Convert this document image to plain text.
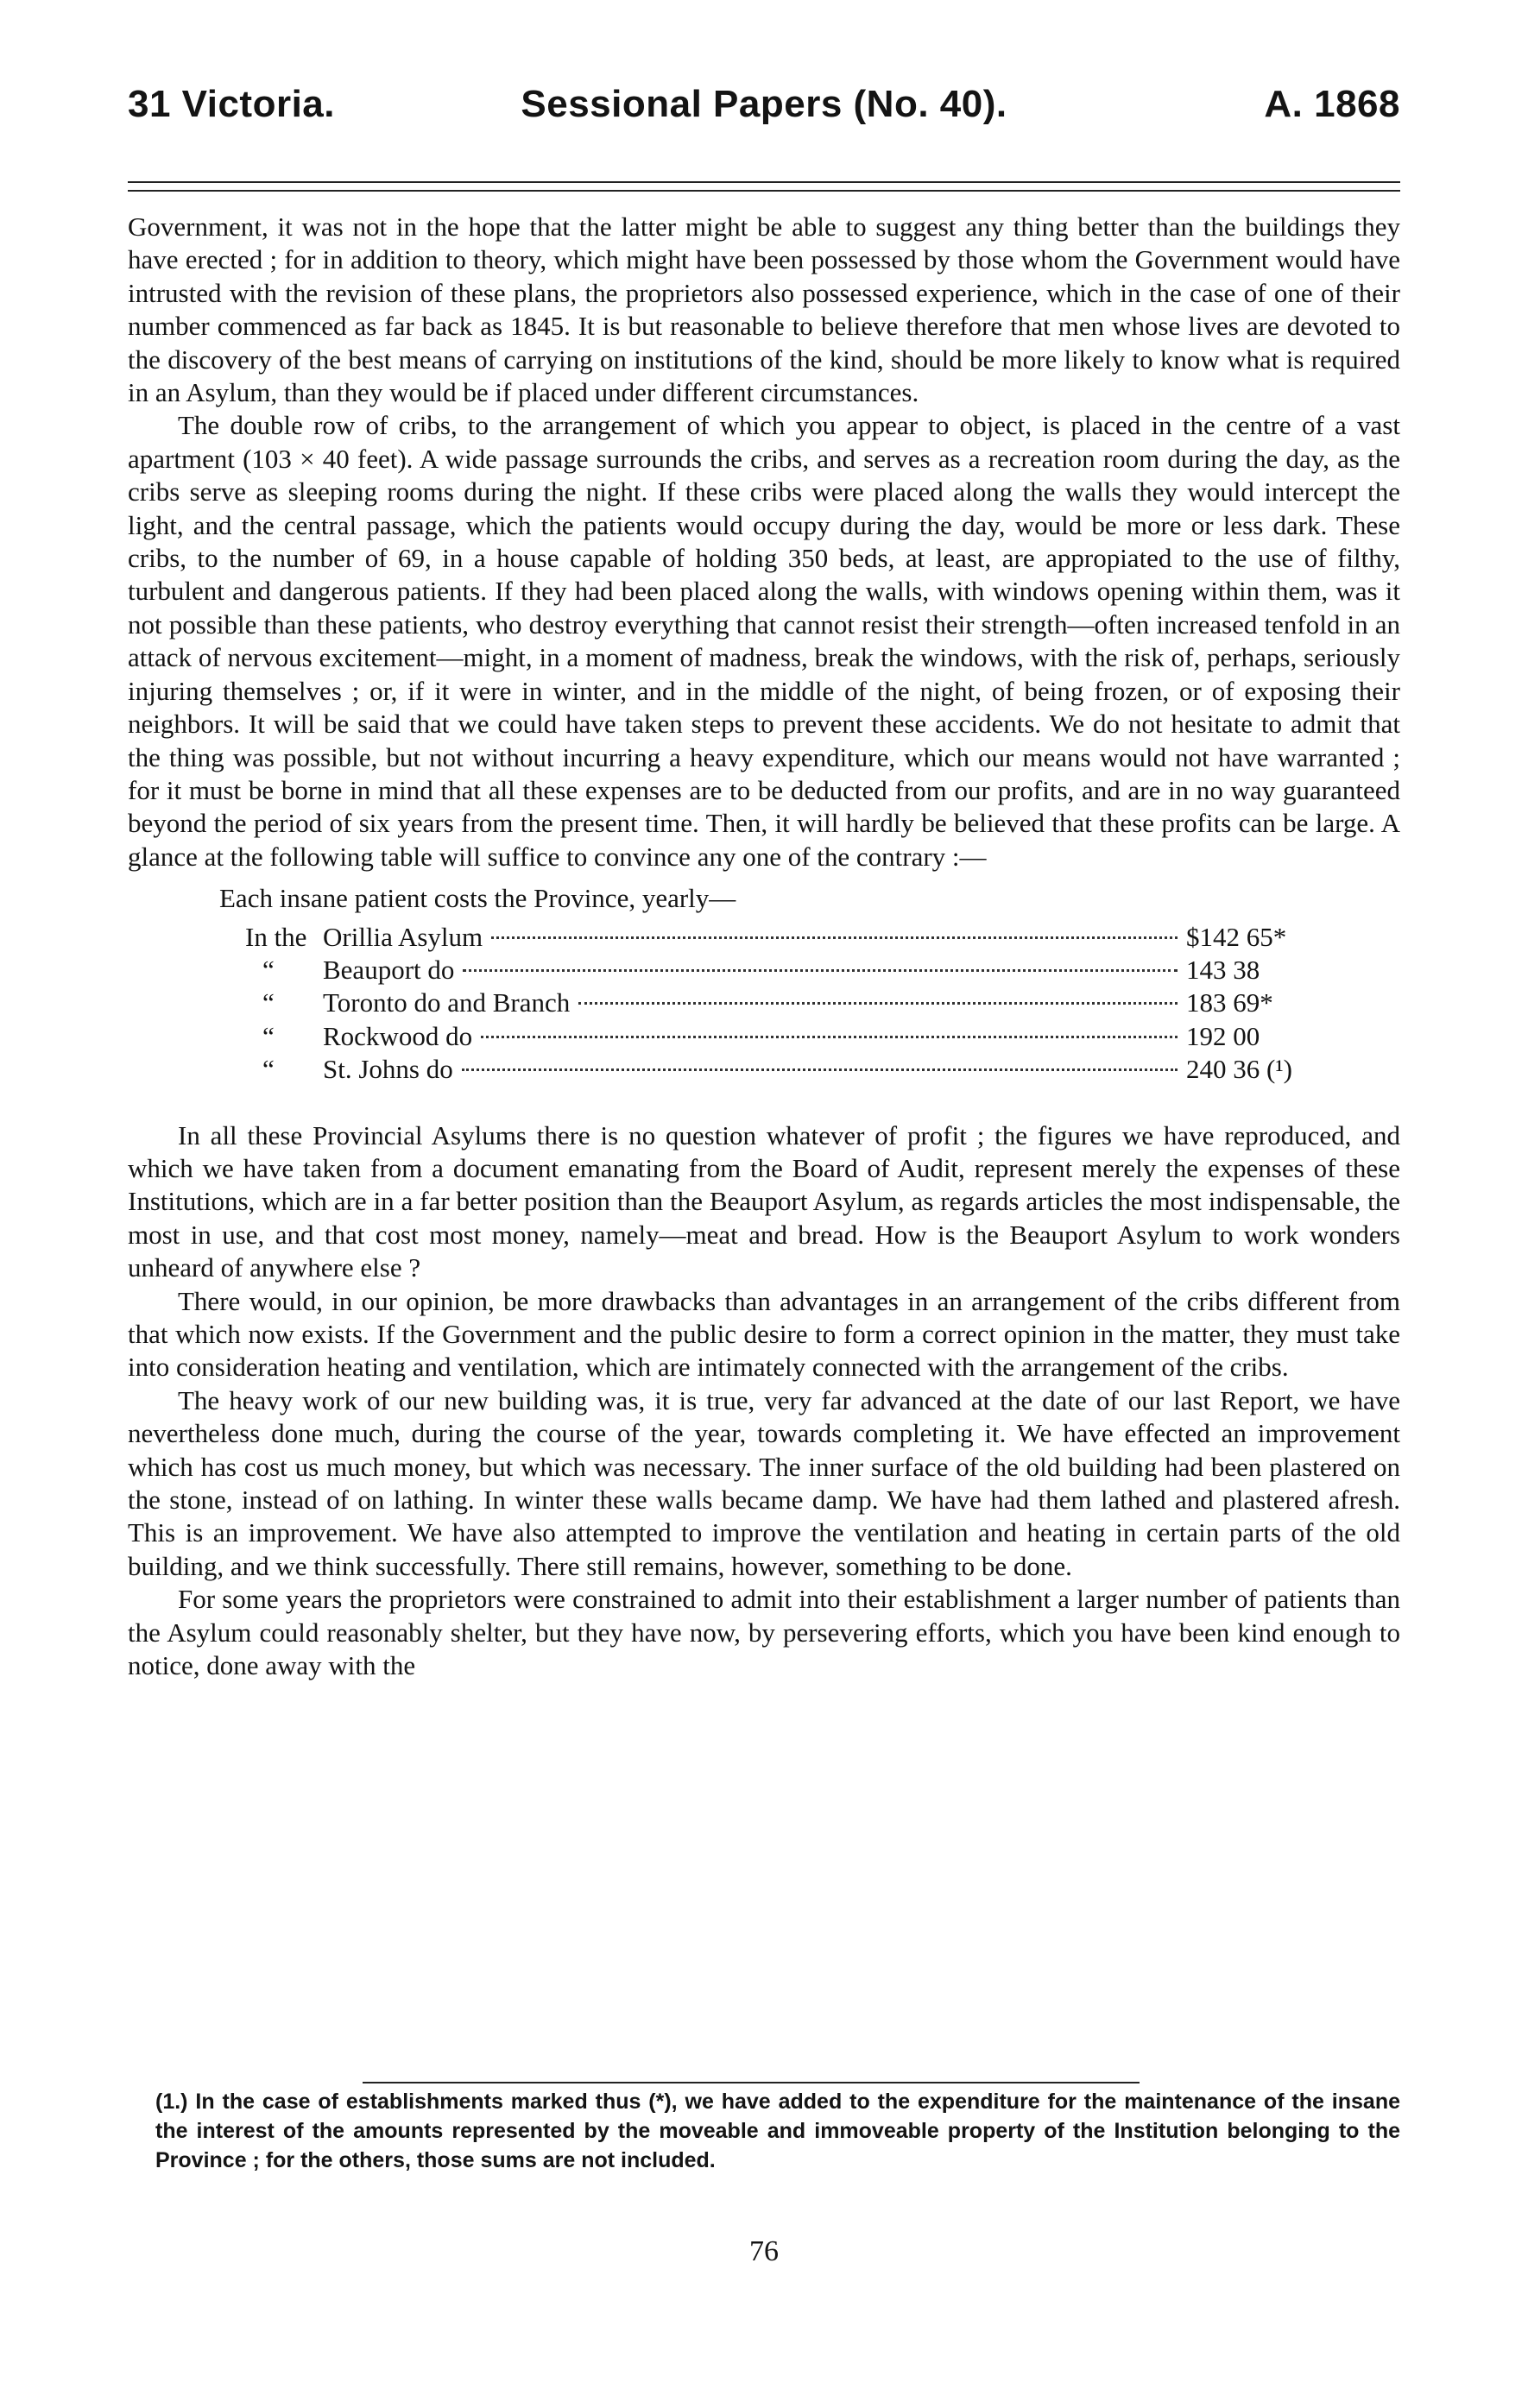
31 Victoria.	Sessional Papers (No. 40).	A. 1868

Government, it was not in the hope that the latter might be able to suggest any thing better than the buildings they have erected ; for in addition to theory, which might have been possessed by those whom the Government would have intrusted with the revision of these plans, the proprietors also possessed experience, which in the case of one of their number commenced as far back as 1845. It is but reasonable to believe therefore that men whose lives are devoted to the discovery of the best means of carrying on institutions of the kind, should be more likely to know what is required in an Asylum, than they would be if placed under different circumstances.

The double row of cribs, to the arrangement of which you appear to object, is placed in the centre of a vast apartment (103 × 40 feet). A wide passage surrounds the cribs, and serves as a recreation room during the day, as the cribs serve as sleeping rooms during the night. If these cribs were placed along the walls they would intercept the light, and the central passage, which the patients would occupy during the day, would be more or less dark. These cribs, to the number of 69, in a house capable of holding 350 beds, at least, are appropiated to the use of filthy, turbulent and dangerous patients. If they had been placed along the walls, with windows opening within them, was it not possible than these patients, who destroy everything that cannot resist their strength—often increased tenfold in an attack of nervous excitement—might, in a moment of madness, break the windows, with the risk of, perhaps, seriously injuring themselves ; or, if it were in winter, and in the middle of the night, of being frozen, or of exposing their neighbors. It will be said that we could have taken steps to prevent these accidents. We do not hesitate to admit that the thing was possible, but not without incurring a heavy expenditure, which our means would not have warranted ; for it must be borne in mind that all these expenses are to be deducted from our profits, and are in no way guaranteed beyond the period of six years from the present time. Then, it will hardly be believed that these profits can be large. A glance at the following table will suffice to convince any one of the contrary :—

Each insane patient costs the Province, yearly—

In the Orillia Asylum	$142 65*
“	Beauport do	143 38
“	Toronto do and Branch	183 69*
“	Rockwood do	192 00
“	St. Johns do	240 36 (¹)

In all these Provincial Asylums there is no question whatever of profit ; the figures we have reproduced, and which we have taken from a document emanating from the Board of Audit, represent merely the expenses of these Institutions, which are in a far better position than the Beauport Asylum, as regards articles the most indispensable, the most in use, and that cost most money, namely—meat and bread. How is the Beauport Asylum to work wonders unheard of anywhere else ?

There would, in our opinion, be more drawbacks than advantages in an arrangement of the cribs different from that which now exists. If the Government and the public desire to form a correct opinion in the matter, they must take into consideration heating and ventilation, which are intimately connected with the arrangement of the cribs.

The heavy work of our new building was, it is true, very far advanced at the date of our last Report, we have nevertheless done much, during the course of the year, towards completing it. We have effected an improvement which has cost us much money, but which was necessary. The inner surface of the old building had been plastered on the stone, instead of on lathing. In winter these walls became damp. We have had them lathed and plastered afresh. This is an improvement. We have also attempted to improve the ventilation and heating in certain parts of the old building, and we think successfully. There still remains, however, something to be done.

For some years the proprietors were constrained to admit into their establishment a larger number of patients than the Asylum could reasonably shelter, but they have now, by persevering efforts, which you have been kind enough to notice, done away with the

(1.) In the case of establishments marked thus (*), we have added to the expenditure for the maintenance of the insane the interest of the amounts represented by the moveable and immoveable property of the Institution belonging to the Province ; for the others, those sums are not included.
76
